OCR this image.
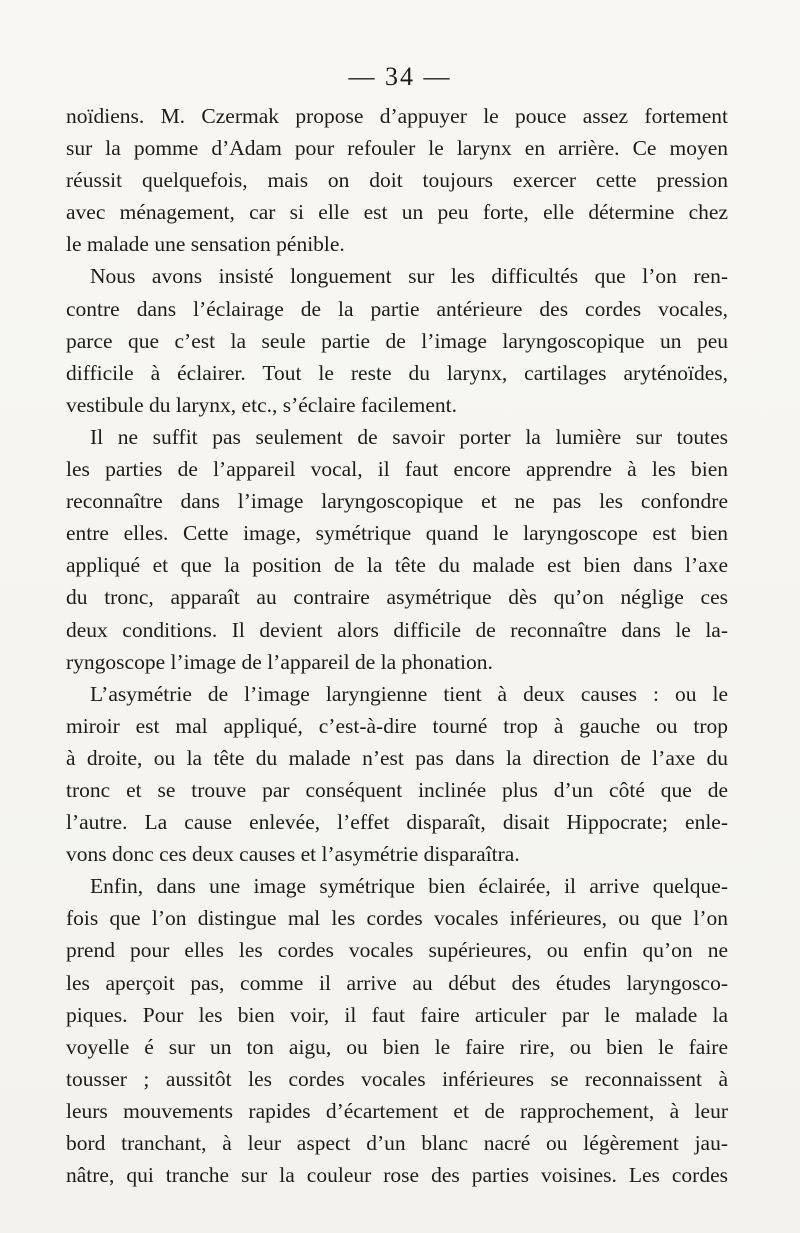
— 34 —
noïdiens. M. Czermak propose d’appuyer le pouce assez fortement
sur la pomme d’Adam pour refouler le larynx en arrière. Ce moyen
réussit quelquefois, mais on doit toujours exercer cette pression
avec ménagement, car si elle est un peu forte, elle détermine chez
le malade une sensation pénible.
Nous avons insisté longuement sur les difficultés que l’on ren-
contre dans l’éclairage de la partie antérieure des cordes vocales,
parce que c’est la seule partie de l’image laryngoscopique un peu
difficile à éclairer. Tout le reste du larynx, cartilages aryténoïdes,
vestibule du larynx, etc., s’éclaire facilement.
Il ne suffit pas seulement de savoir porter la lumière sur toutes
les parties de l’appareil vocal, il faut encore apprendre à les bien
reconnaître dans l’image laryngoscopique et ne pas les confondre
entre elles. Cette image, symétrique quand le laryngoscope est bien
appliqué et que la position de la tête du malade est bien dans l’axe
du tronc, apparaît au contraire asymétrique dès qu’on néglige ces
deux conditions. Il devient alors difficile de reconnaître dans le la-
ryngoscope l’image de l’appareil de la phonation.
L’asymétrie de l’image laryngienne tient à deux causes : ou le
miroir est mal appliqué, c’est-à-dire tourné trop à gauche ou trop
à droite, ou la tête du malade n’est pas dans la direction de l’axe du
tronc et se trouve par conséquent inclinée plus d’un côté que de
l’autre. La cause enlevée, l’effet disparaît, disait Hippocrate; enle-
vons donc ces deux causes et l’asymétrie disparaîtra.
Enfin, dans une image symétrique bien éclairée, il arrive quelque-
fois que l’on distingue mal les cordes vocales inférieures, ou que l’on
prend pour elles les cordes vocales supérieures, ou enfin qu’on ne
les aperçoit pas, comme il arrive au début des études laryngosco-
piques. Pour les bien voir, il faut faire articuler par le malade la
voyelle é sur un ton aigu, ou bien le faire rire, ou bien le faire
tousser ; aussitôt les cordes vocales inférieures se reconnaissent à
leurs mouvements rapides d’écartement et de rapprochement, à leur
bord tranchant, à leur aspect d’un blanc nacré ou légèrement jau-
nâtre, qui tranche sur la couleur rose des parties voisines. Les cordes
